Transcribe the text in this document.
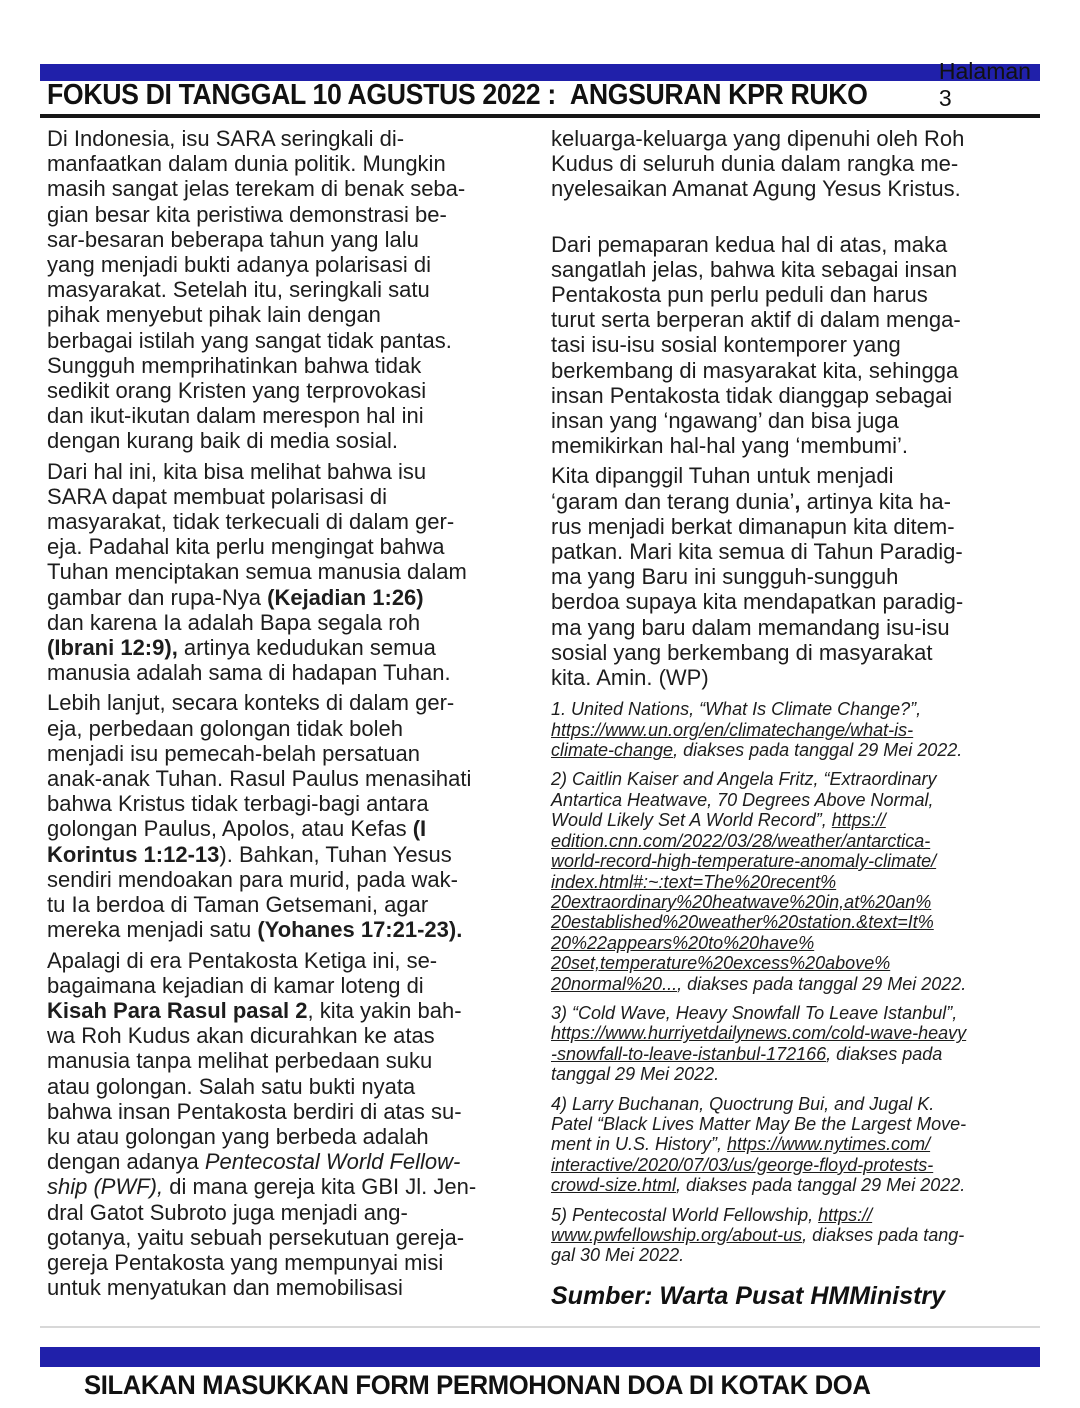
FOKUS DI TANGGAL 10 AGUSTUS 2022 :  ANGSURAN KPR RUKO
Halaman 3

Di Indonesia, isu SARA seringkali di-
manfaatkan dalam dunia politik. Mungkin
masih sangat jelas terekam di benak seba-
gian besar kita peristiwa demonstrasi be-
sar-besaran beberapa tahun yang lalu
yang menjadi bukti adanya polarisasi di
masyarakat. Setelah itu, seringkali satu
pihak menyebut pihak lain dengan
berbagai istilah yang sangat tidak pantas.
Sungguh memprihatinkan bahwa tidak
sedikit orang Kristen yang terprovokasi
dan ikut-ikutan dalam merespon hal ini
dengan kurang baik di media sosial.

Dari hal ini, kita bisa melihat bahwa isu
SARA dapat membuat polarisasi di
masyarakat, tidak terkecuali di dalam ger-
eja. Padahal kita perlu mengingat bahwa
Tuhan menciptakan semua manusia dalam
gambar dan rupa-Nya (Kejadian 1:26)
dan karena Ia adalah Bapa segala roh
(Ibrani 12:9), artinya kedudukan semua
manusia adalah sama di hadapan Tuhan.

Lebih lanjut, secara konteks di dalam ger-
eja, perbedaan golongan tidak boleh
menjadi isu pemecah-belah persatuan
anak-anak Tuhan. Rasul Paulus menasihati
bahwa Kristus tidak terbagi-bagi antara
golongan Paulus, Apolos, atau Kefas (I
Korintus 1:12-13). Bahkan, Tuhan Yesus
sendiri mendoakan para murid, pada wak-
tu Ia berdoa di Taman Getsemani, agar
mereka menjadi satu (Yohanes 17:21-23).

Apalagi di era Pentakosta Ketiga ini, se-
bagaimana kejadian di kamar loteng di
Kisah Para Rasul pasal 2, kita yakin bah-
wa Roh Kudus akan dicurahkan ke atas
manusia tanpa melihat perbedaan suku
atau golongan. Salah satu bukti nyata
bahwa insan Pentakosta berdiri di atas su-
ku atau golongan yang berbeda adalah
dengan adanya Pentecostal World Fellow-
ship (PWF), di mana gereja kita GBI Jl. Jen-
dral Gatot Subroto juga menjadi ang-
gotanya, yaitu sebuah persekutuan gereja-
gereja Pentakosta yang mempunyai misi
untuk menyatukan dan memobilisasi

keluarga-keluarga yang dipenuhi oleh Roh
Kudus di seluruh dunia dalam rangka me-
nyelesaikan Amanat Agung Yesus Kristus.

Dari pemaparan kedua hal di atas, maka
sangatlah jelas, bahwa kita sebagai insan
Pentakosta pun perlu peduli dan harus
turut serta berperan aktif di dalam menga-
tasi isu-isu sosial kontemporer yang
berkembang di masyarakat kita, sehingga
insan Pentakosta tidak dianggap sebagai
insan yang ‘ngawang’ dan bisa juga
memikirkan hal-hal yang ‘membumi’.

Kita dipanggil Tuhan untuk menjadi
‘garam dan terang dunia’, artinya kita ha-
rus menjadi berkat dimanapun kita ditem-
patkan. Mari kita semua di Tahun Paradig-
ma yang Baru ini sungguh-sungguh
berdoa supaya kita mendapatkan paradig-
ma yang baru dalam memandang isu-isu
sosial yang berkembang di masyarakat
kita. Amin. (WP)

1. United Nations, “What Is Climate Change?”,
https://www.un.org/en/climatechange/what-is-
climate-change, diakses pada tanggal 29 Mei 2022.

2) Caitlin Kaiser and Angela Fritz, “Extraordinary
Antartica Heatwave, 70 Degrees Above Normal,
Would Likely Set A World Record”, https://
edition.cnn.com/2022/03/28/weather/antarctica-
world-record-high-temperature-anomaly-climate/
index.html#:~:text=The%20recent%
20extraordinary%20heatwave%20in,at%20an%
20established%20weather%20station.&text=It%
20%22appears%20to%20have%
20set,temperature%20excess%20above%
20normal%20..., diakses pada tanggal 29 Mei 2022.

3) “Cold Wave, Heavy Snowfall To Leave Istanbul”,
https://www.hurriyetdailynews.com/cold-wave-heavy
-snowfall-to-leave-istanbul-172166, diakses pada
tanggal 29 Mei 2022.

4) Larry Buchanan, Quoctrung Bui, and Jugal K.
Patel “Black Lives Matter May Be the Largest Move-
ment in U.S. History”, https://www.nytimes.com/
interactive/2020/07/03/us/george-floyd-protests-
crowd-size.html, diakses pada tanggal 29 Mei 2022.

5) Pentecostal World Fellowship, https://
www.pwfellowship.org/about-us, diakses pada tang-
gal 30 Mei 2022.

Sumber: Warta Pusat HMMinistry
SILAKAN MASUKKAN FORM PERMOHONAN DOA DI KOTAK DOA
